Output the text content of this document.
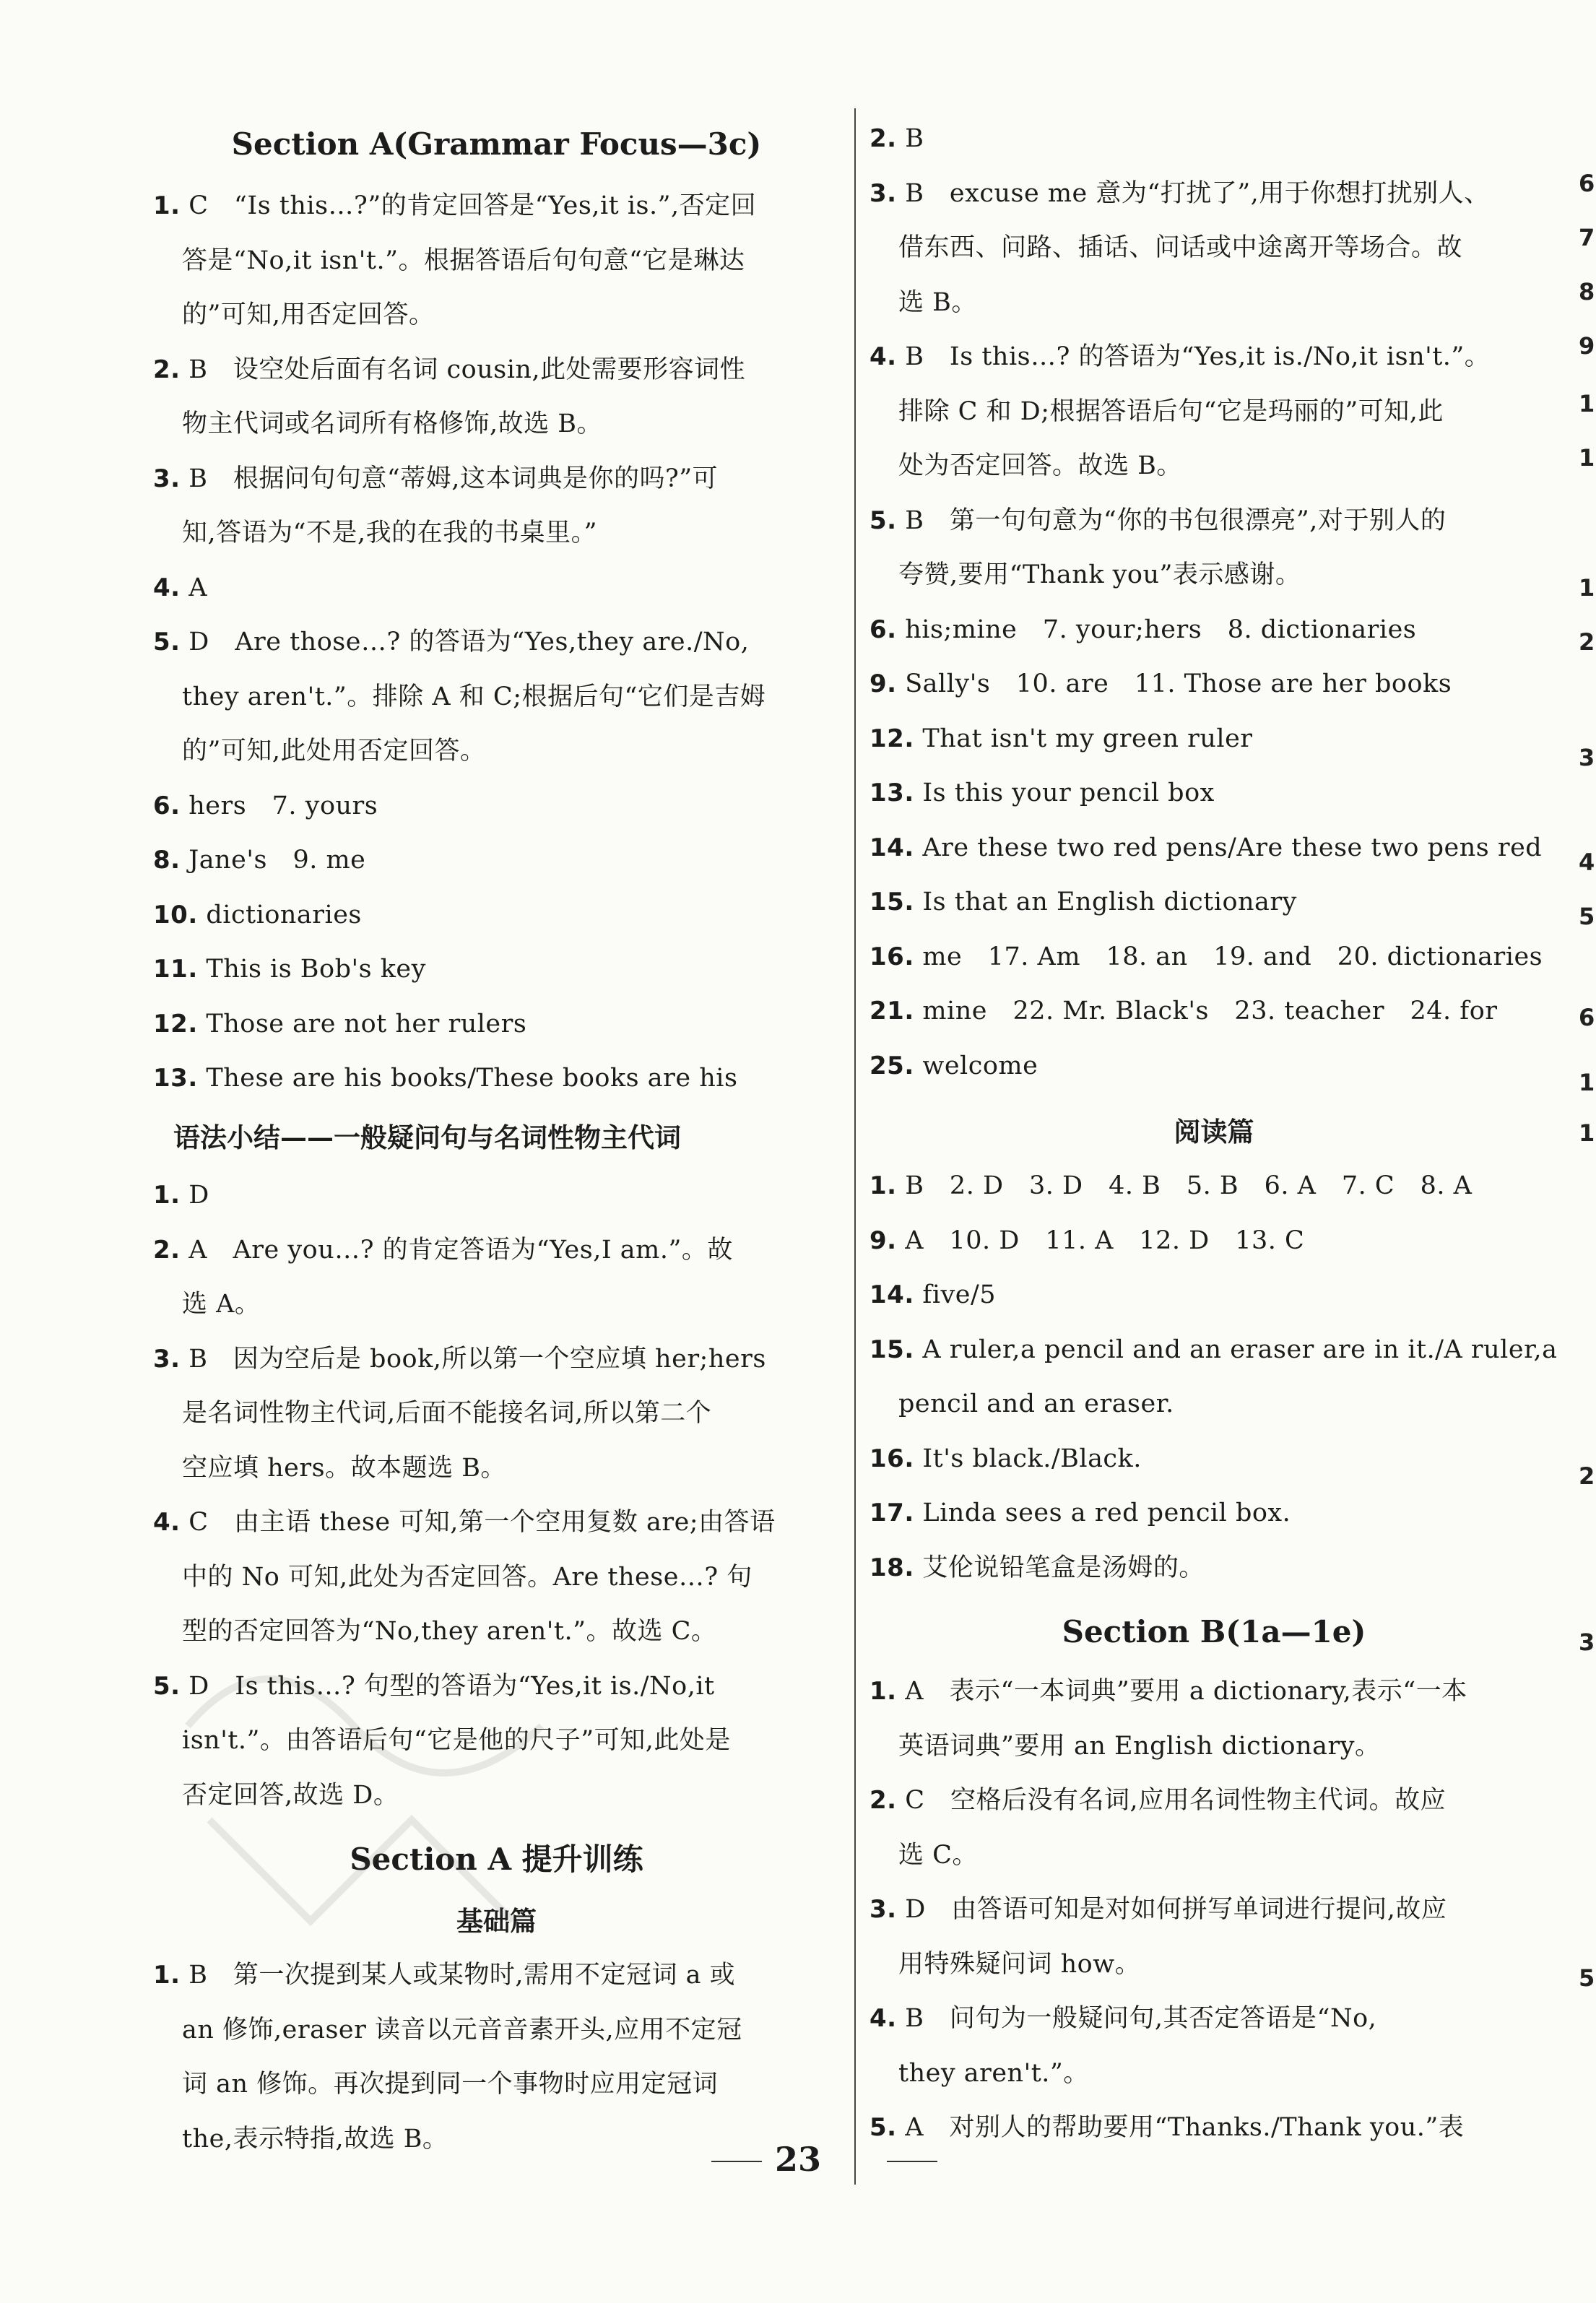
Section A(Grammar Focus—3c)
1. C　“Is this…?”的肯定回答是“Yes,it is.”,否定回
答是“No,it isn't.”。根据答语后句句意“它是琳达
的”可知,用否定回答。
2. B　设空处后面有名词 cousin,此处需要形容词性
物主代词或名词所有格修饰,故选 B。
3. B　根据问句句意“蒂姆,这本词典是你的吗?”可
知,答语为“不是,我的在我的书桌里。”
4. A
5. D　Are those…? 的答语为“Yes,they are./No,
they aren't.”。排除 A 和 C;根据后句“它们是吉姆
的”可知,此处用否定回答。
6. hers　7. yours
8. Jane's　9. me
10. dictionaries
11. This is Bob's key
12. Those are not her rulers
13. These are his books/These books are his
语法小结——一般疑问句与名词性物主代词
1. D
2. A　Are you…? 的肯定答语为“Yes,I am.”。故
选 A。
3. B　因为空后是 book,所以第一个空应填 her;hers
是名词性物主代词,后面不能接名词,所以第二个
空应填 hers。故本题选 B。
4. C　由主语 these 可知,第一个空用复数 are;由答语
中的 No 可知,此处为否定回答。Are these…? 句
型的否定回答为“No,they aren't.”。故选 C。
5. D　Is this…? 句型的答语为“Yes,it is./No,it
isn't.”。由答语后句“它是他的尺子”可知,此处是
否定回答,故选 D。
Section A 提升训练
基础篇
1. B　第一次提到某人或某物时,需用不定冠词 a 或
an 修饰,eraser 读音以元音音素开头,应用不定冠
词 an 修饰。再次提到同一个事物时应用定冠词
the,表示特指,故选 B。
2. B
3. B　excuse me 意为“打扰了”,用于你想打扰别人、
借东西、问路、插话、问话或中途离开等场合。故
选 B。
4. B　Is this…? 的答语为“Yes,it is./No,it isn't.”。
排除 C 和 D;根据答语后句“它是玛丽的”可知,此
处为否定回答。故选 B。
5. B　第一句句意为“你的书包很漂亮”,对于别人的
夸赞,要用“Thank you”表示感谢。
6. his;mine　7. your;hers　8. dictionaries
9. Sally's　10. are　11. Those are her books
12. That isn't my green ruler
13. Is this your pencil box
14. Are these two red pens/Are these two pens red
15. Is that an English dictionary
16. me　17. Am　18. an　19. and　20. dictionaries
21. mine　22. Mr. Black's　23. teacher　24. for
25. welcome
阅读篇
1. B　2. D　3. D　4. B　5. B　6. A　7. C　8. A
9. A　10. D　11. A　12. D　13. C
14. five/5
15. A ruler,a pencil and an eraser are in it./A ruler,a
pencil and an eraser.
16. It's black./Black.
17. Linda sees a red pencil box.
18. 艾伦说铅笔盒是汤姆的。
Section B(1a—1e)
1. A　表示“一本词典”要用 a dictionary,表示“一本
英语词典”要用 an English dictionary。
2. C　空格后没有名词,应用名词性物主代词。故应
选 C。
3. D　由答语可知是对如何拼写单词进行提问,故应
用特殊疑问词 how。
4. B　问句为一般疑问句,其否定答语是“No,
they aren't.”。
5. A　对别人的帮助要用“Thanks./Thank you.”表
6
7
8
9
1
1
1
2
3
4
5
6
1
1
2
3
5
23
